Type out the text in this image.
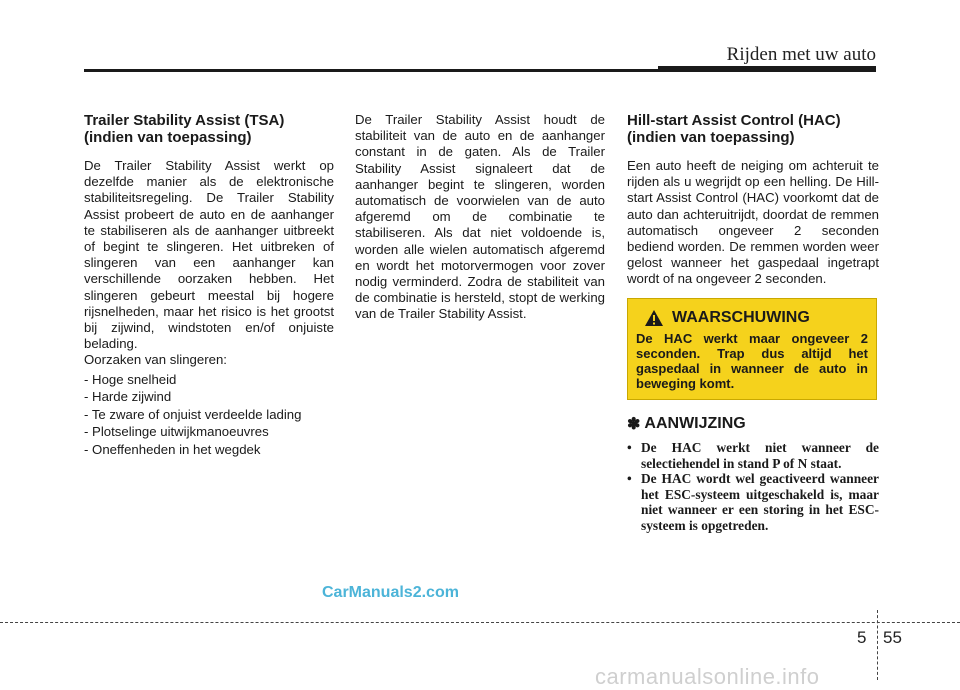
Rijden met uw auto
Trailer Stability Assist (TSA) (indien van toepassing)

De Trailer Stability Assist werkt op dezelfde manier als de elektronische stabiliteitsregeling. De Trailer Stability Assist probeert de auto en de aanhanger te stabiliseren als de aanhanger uitbreekt of begint te slingeren. Het uitbreken of slingeren van een aanhanger kan verschillende oorzaken hebben. Het slingeren gebeurt meestal bij hogere rijsnelheden, maar het risico is het grootst bij zijwind, windstoten en/of onjuiste belading.

Oorzaken van slingeren:

- Hoge snelheid
- Harde zijwind
- Te zware of onjuist verdeelde lading
- Plotselinge uitwijkmanoeuvres
- Oneffenheden in het wegdek

De Trailer Stability Assist houdt de stabiliteit van de auto en de aanhanger constant in de gaten. Als de Trailer Stability Assist signaleert dat de aanhanger begint te slingeren, worden automatisch de voorwielen van de auto afgeremd om de combinatie te stabiliseren. Als dat niet voldoende is, worden alle wielen automatisch afgeremd en wordt het motorvermogen voor zover nodig verminderd. Zodra de stabiliteit van de combinatie is hersteld, stopt de werking van de Trailer Stability Assist.

Hill-start Assist Control (HAC) (indien van toepassing)

Een auto heeft de neiging om achteruit te rijden als u wegrijdt op een helling. De Hill-start Assist Control (HAC) voorkomt dat de auto dan achteruitrijdt, doordat de remmen automatisch ongeveer 2 seconden bediend worden. De remmen worden weer gelost wanneer het gaspedaal ingetrapt wordt of na ongeveer 2 seconden.

WAARSCHUWING
De HAC werkt maar ongeveer 2 seconden. Trap dus altijd het gaspedaal in wanneer de auto in beweging komt.
✽ AANWIJZING
• De HAC werkt niet wanneer de selectiehendel in stand P of N staat.
• De HAC wordt wel geactiveerd wanneer het ESC-systeem uitgeschakeld is, maar niet wanneer er een storing in het ESC-systeem is opgetreden.
CarManuals2.com
5 55
carmanualsonline.info
